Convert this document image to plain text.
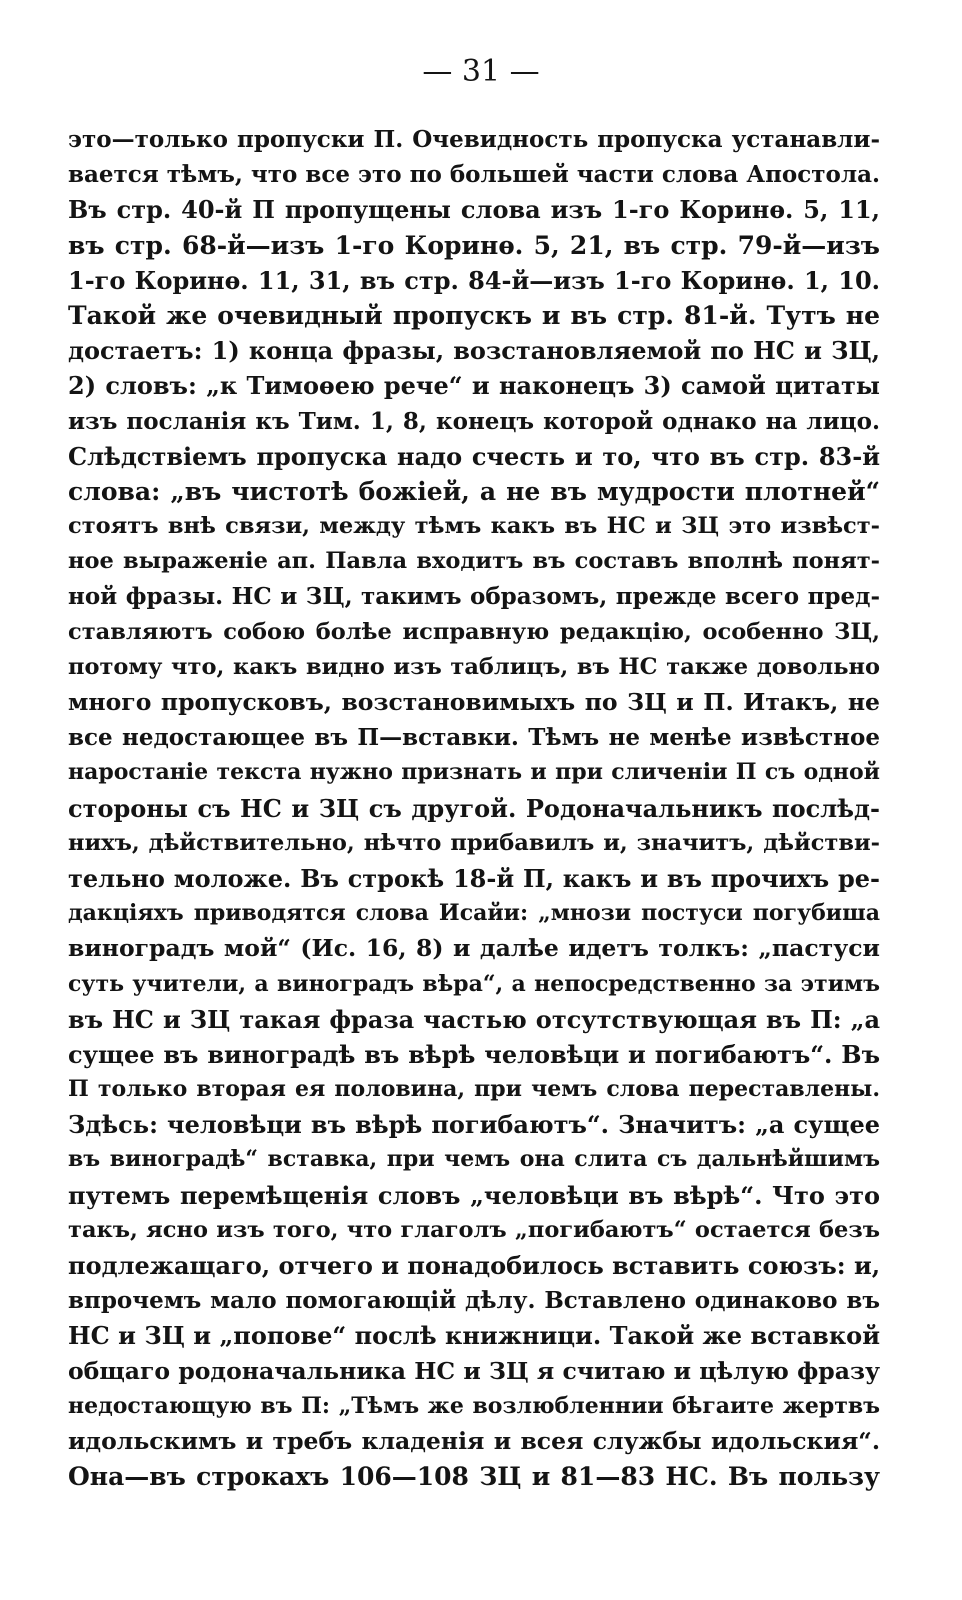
— 31 —
это—только пропуски П. Очевидность пропуска устанавли-
вается тѣмъ, что все это по большей части слова Апостола.
Въ стр. 40-й П пропущены слова изъ 1-го Коринѳ. 5, 11,
въ стр. 68-й—изъ 1-го Коринѳ. 5, 21, въ стр. 79-й—изъ
1-го Коринѳ. 11, 31, въ стр. 84-й—изъ 1-го Коринѳ. 1, 10.
Такой же очевидный пропускъ и въ стр. 81-й. Тутъ не
достаетъ: 1) конца фразы, возстановляемой по НС и ЗЦ,
2) словъ: „к Тимоѳею рече“ и наконецъ 3) самой цитаты
изъ посланія къ Тим. 1, 8, конецъ которой однако на лицо.
Слѣдствіемъ пропуска надо счесть и то, что въ стр. 83-й
слова: „въ чистотѣ божіей, а не въ мудрости плотней“
стоятъ внѣ связи, между тѣмъ какъ въ НС и ЗЦ это извѣст-
ное выраженіе ап. Павла входитъ въ составъ вполнѣ понят-
ной фразы. НС и ЗЦ, такимъ образомъ, прежде всего пред-
ставляютъ собою болѣе исправную редакцію, особенно ЗЦ,
потому что, какъ видно изъ таблицъ, въ НС также довольно
много пропусковъ, возстановимыхъ по ЗЦ и П. Итакъ, не
все недостающее въ П—вставки. Тѣмъ не менѣе извѣстное
наростаніе текста нужно признать и при сличеніи П съ одной
стороны съ НС и ЗЦ съ другой. Родоначальникъ послѣд-
нихъ, дѣйствительно, нѣчто прибавилъ и, значитъ, дѣйстви-
тельно моложе. Въ строкѣ 18-й П, какъ и въ прочихъ ре-
дакціяхъ приводятся слова Исайи: „мнози постуси погубиша
виноградъ мой“ (Ис. 16, 8) и далѣе идетъ толкъ: „пастуси
суть учители, а виноградъ вѣра“, а непосредственно за этимъ
въ НС и ЗЦ такая фраза частью отсутствующая въ П: „а
сущее въ виноградѣ въ вѣрѣ человѣци и погибаютъ“. Въ
П только вторая ея половина, при чемъ слова переставлены.
Здѣсь: человѣци въ вѣрѣ погибаютъ“. Значитъ: „а сущее
въ виноградѣ“ вставка, при чемъ она слита съ дальнѣйшимъ
путемъ перемѣщенія словъ „человѣци въ вѣрѣ“. Что это
такъ, ясно изъ того, что глаголъ „погибаютъ“ остается безъ
подлежащаго, отчего и понадобилось вставить союзъ: и,
впрочемъ мало помогающій дѣлу. Вставлено одинаково въ
НС и ЗЦ и „попове“ послѣ книжници. Такой же вставкой
общаго родоначальника НС и ЗЦ я считаю и цѣлую фразу
недостающую въ П: „Тѣмъ же возлюбленнии бѣгаите жертвъ
идольскимъ и требъ кладенія и всея службы идольския“.
Она—въ строкахъ 106—108 ЗЦ и 81—83 НС. Въ пользу
